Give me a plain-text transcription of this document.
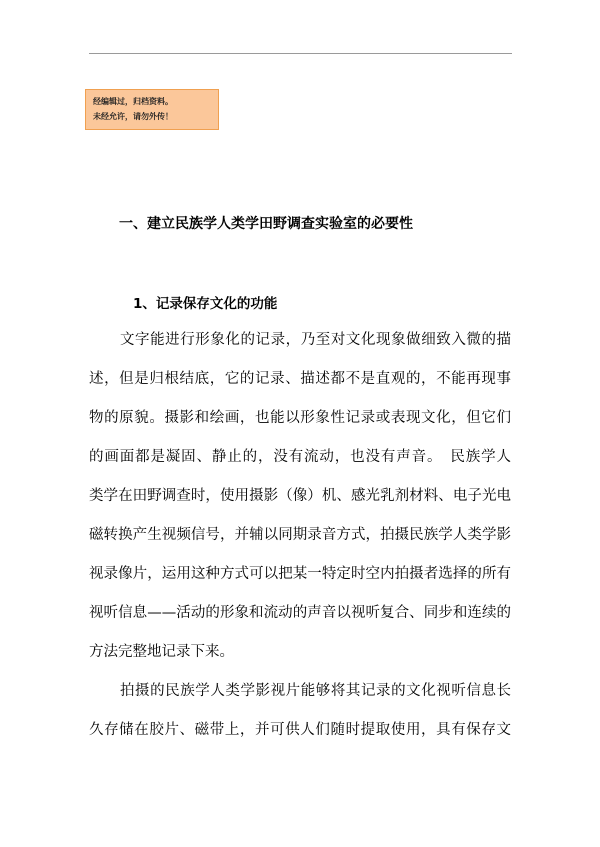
经编辑过，归档资料。
未经允许，请勿外传！
一、建立民族学人类学田野调查实验室的必要性
1、记录保存文化的功能
文字能进行形象化的记录，乃至对文化现象做细致入微的描
述，但是归根结底，它的记录、描述都不是直观的，不能再现事
物的原貌。摄影和绘画，也能以形象性记录或表现文化，但它们
的画面都是凝固、静止的，没有流动，也没有声音。　民族学人
类学在田野调查时，使用摄影（像）机、感光乳剂材料、电子光电
磁转换产生视频信号，并辅以同期录音方式，拍摄民族学人类学影
视录像片，运用这种方式可以把某一特定时空内拍摄者选择的所有
视听信息——活动的形象和流动的声音以视听复合、同步和连续的
方法完整地记录下来。
拍摄的民族学人类学影视片能够将其记录的文化视听信息长
久存储在胶片、磁带上，并可供人们随时提取使用，具有保存文
